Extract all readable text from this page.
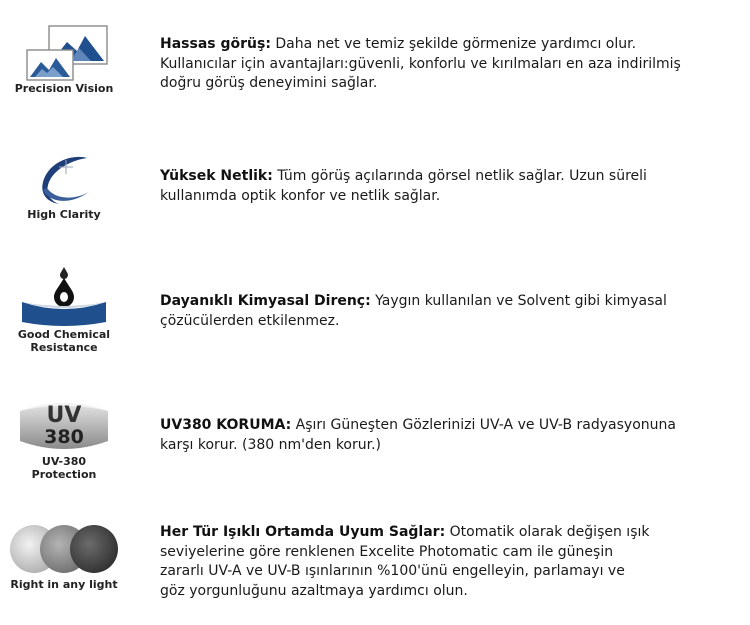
Precision Vision
Hassas görüş: Daha net ve temiz şekilde görmenize yardımcı olur.
Kullanıcılar için avantajları:güvenli, konforlu ve kırılmaları en aza indirilmiş
doğru görüş deneyimini sağlar.
High Clarity
Yüksek Netlik: Tüm görüş açılarında görsel netlik sağlar. Uzun süreli
kullanımda optik konfor ve netlik sağlar.
Good Chemical
Resistance
Dayanıklı Kimyasal Direnç: Yaygın kullanılan ve Solvent gibi kimyasal
çözücülerden etkilenmez.
UV
380
UV-380
Protection
UV380 KORUMA: Aşırı Güneşten Gözlerinizi UV-A ve UV-B radyasyonuna
karşı korur. (380 nm'den korur.)
Right in any light
Her Tür Işıklı Ortamda Uyum Sağlar: Otomatik olarak değişen ışık
seviyelerine göre renklenen Excelite Photomatic cam ile güneşin
zararlı UV-A ve UV-B ışınlarının %100'ünü engelleyin, parlamayı ve
göz yorgunluğunu azaltmaya yardımcı olun.
